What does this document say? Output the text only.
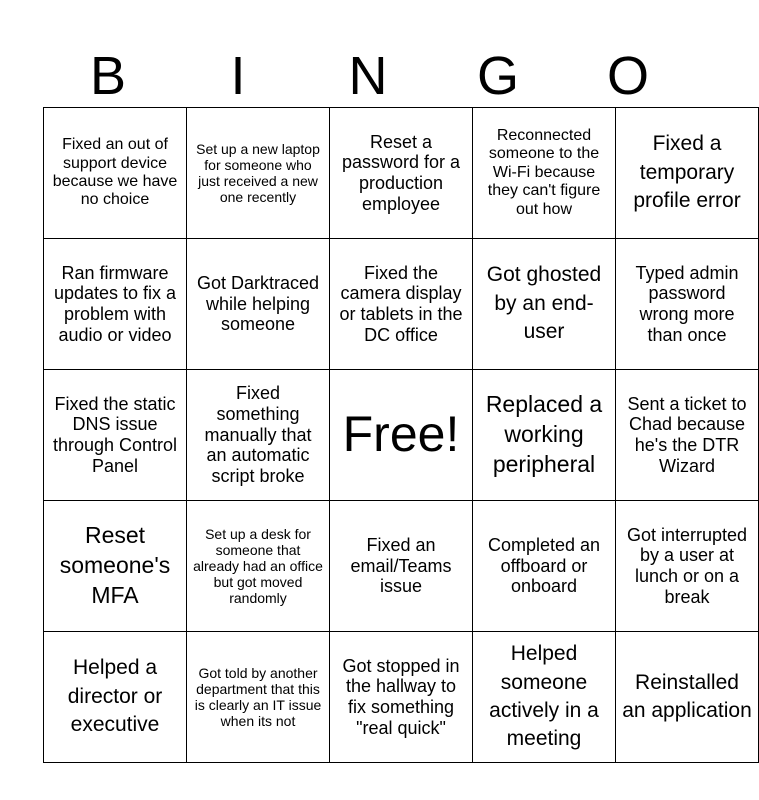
B	I	N	G	O
Fixed an out of support device because we have no choice	Set up a new laptop for someone who just received a new one recently	Reset a password for a production employee	Reconnected someone to the Wi-Fi because they can't figure out how	Fixed a temporary profile error
Ran firmware updates to fix a problem with audio or video	Got Darktraced while helping someone	Fixed the camera display or tablets in the DC office	Got ghosted by an end-user	Typed admin password wrong more than once
Fixed the static DNS issue through Control Panel	Fixed something manually that an automatic script broke	Free!	Replaced a working peripheral	Sent a ticket to Chad because he's the DTR Wizard
Reset someone's MFA	Set up a desk for someone that already had an office but got moved randomly	Fixed an email/Teams issue	Completed an offboard or onboard	Got interrupted by a user at lunch or on a break
Helped a director or executive	Got told by another department that this is clearly an IT issue when its not	Got stopped in the hallway to fix something "real quick"	Helped someone actively in a meeting	Reinstalled an application
